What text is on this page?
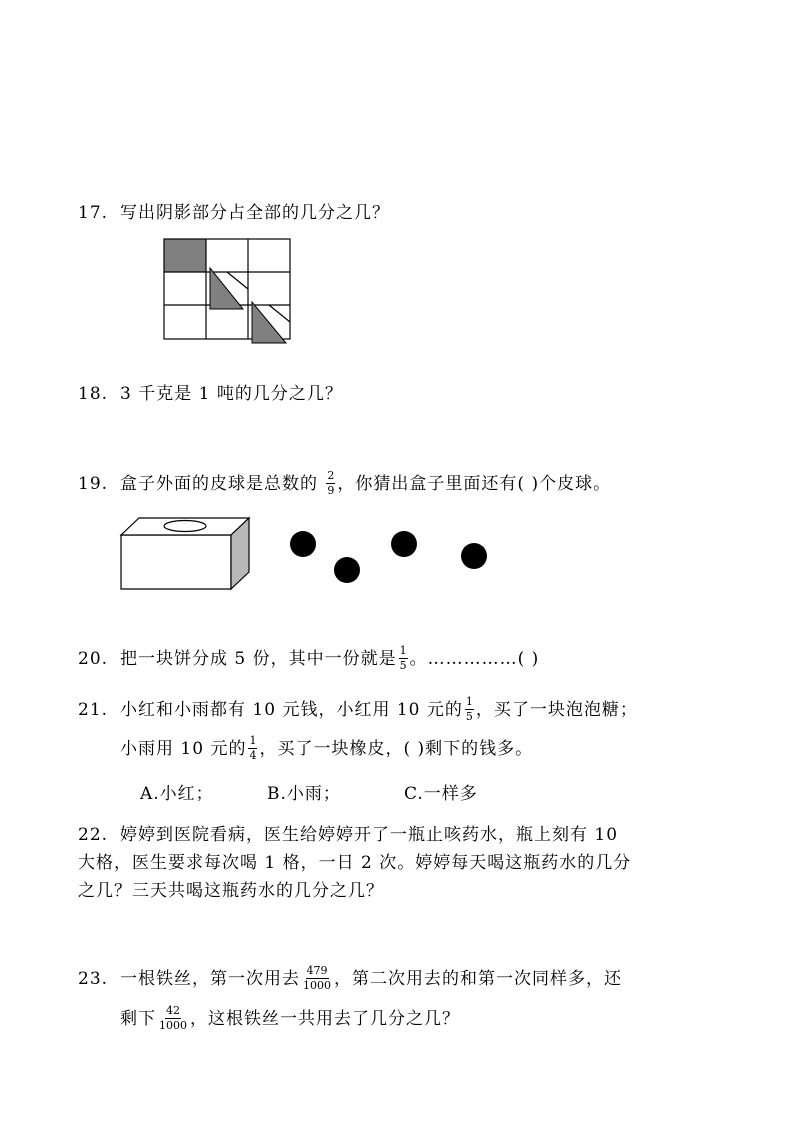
17. 写出阴影部分占全部的几分之几？
18. 3 千克是 1 吨的几分之几？
19. 盒子外面的皮球是总数的 $\frac{2}{9}$ ，你猜出盒子里面还有( )个皮球。
20. 把一块饼分成 5 份，其中一份就是 $\frac{1}{5}$ 。……………( )
21. 小红和小雨都有 10 元钱，小红用 10 元的 $\frac{1}{5}$ ，买了一块泡泡糖；
小雨用 10 元的 $\frac{1}{4}$ ，买了一块橡皮，( )剩下的钱多。
A.小红；	B.小雨；	C.一样多
22. 婷婷到医院看病，医生给婷婷开了一瓶止咳药水，瓶上刻有 10
大格，医生要求每次喝 1 格，一日 2 次。婷婷每天喝这瓶药水的几分
之几？三天共喝这瓶药水的几分之几？
23. 一根铁丝，第一次用去 $\frac{479}{1000}$ ，第二次用去的和第一次同样多，还
剩下 $\frac{42}{1000}$ ，这根铁丝一共用去了几分之几？
